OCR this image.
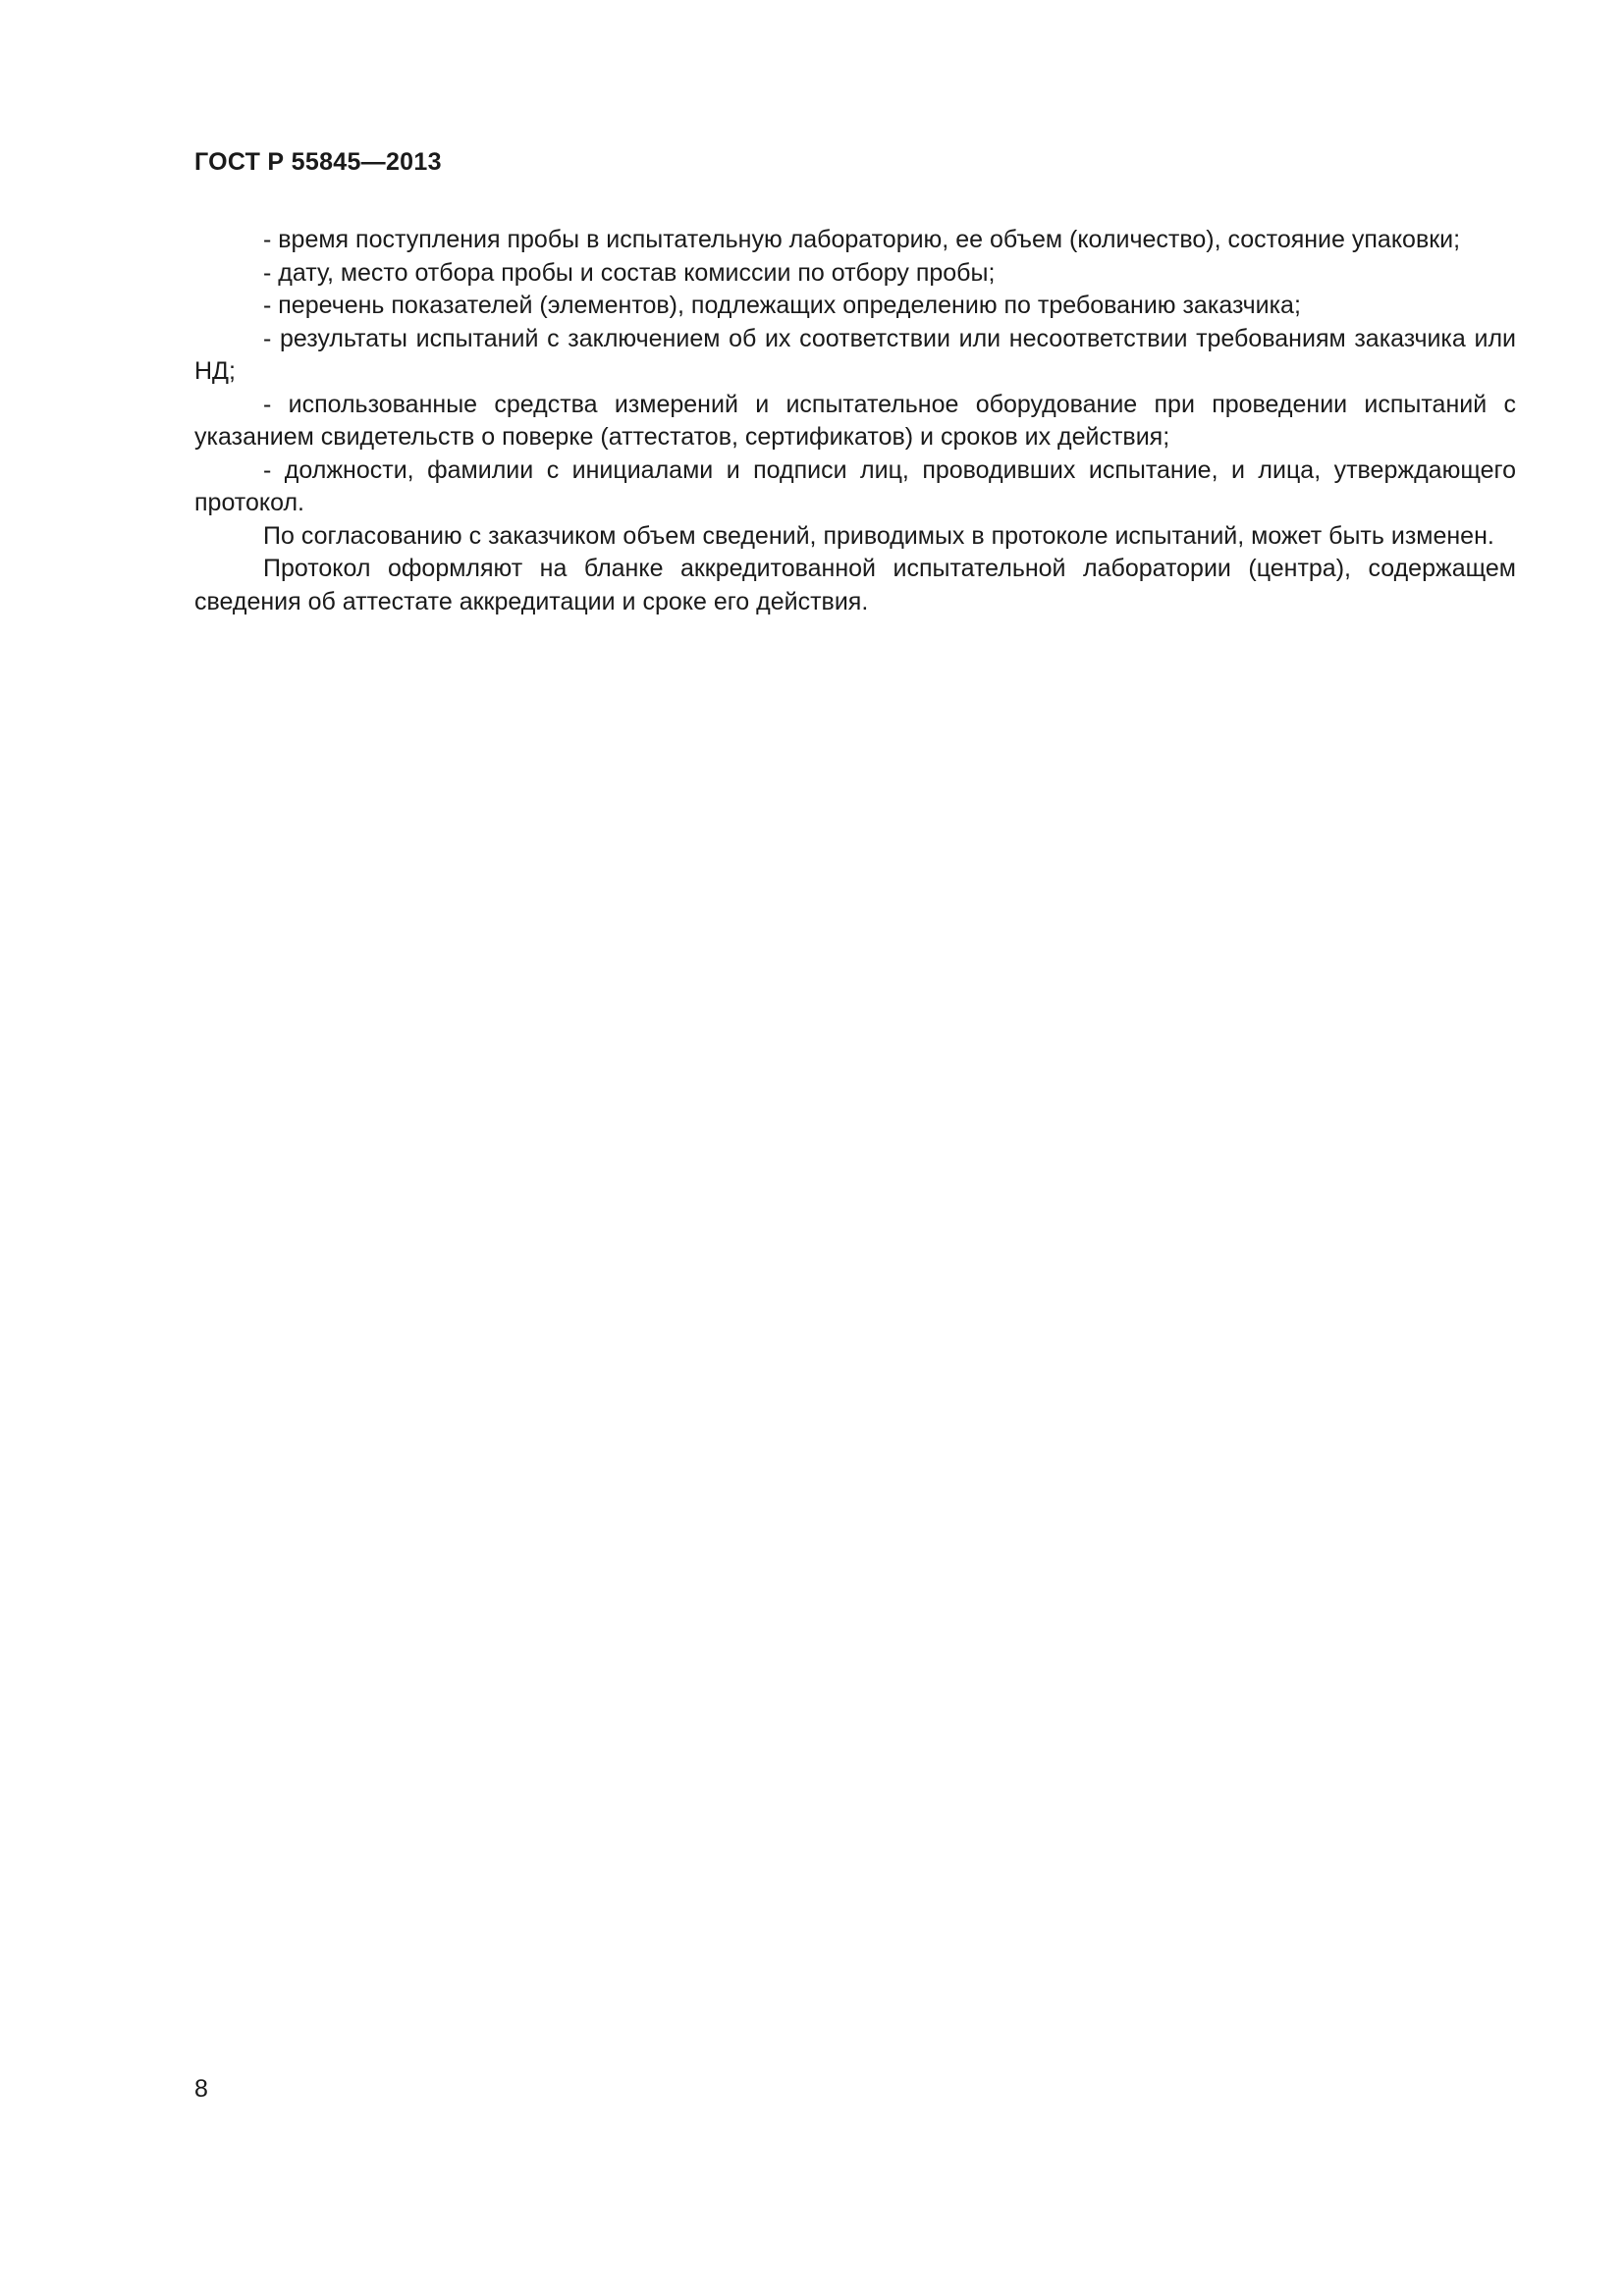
ГОСТ Р 55845—2013

- время поступления пробы в испытательную лабораторию, ее объем (количество), состояние упаковки;

- дату, место отбора пробы и состав комиссии по отбору пробы;

- перечень показателей (элементов), подлежащих определению по требованию заказчика;

- результаты испытаний с заключением об их соответствии или несоответствии требованиям заказчика или НД;

- использованные средства измерений и испытательное оборудование при проведении испытаний с указанием свидетельств о поверке (аттестатов, сертификатов) и сроков их действия;

- должности, фамилии с инициалами и подписи лиц, проводивших испытание, и лица, утверждающего протокол.

По согласованию с заказчиком объем сведений, приводимых в протоколе испытаний, может быть изменен.

Протокол оформляют на бланке аккредитованной испытательной лаборатории (центра), содержащем сведения об аттестате аккредитации и сроке его действия.

8
